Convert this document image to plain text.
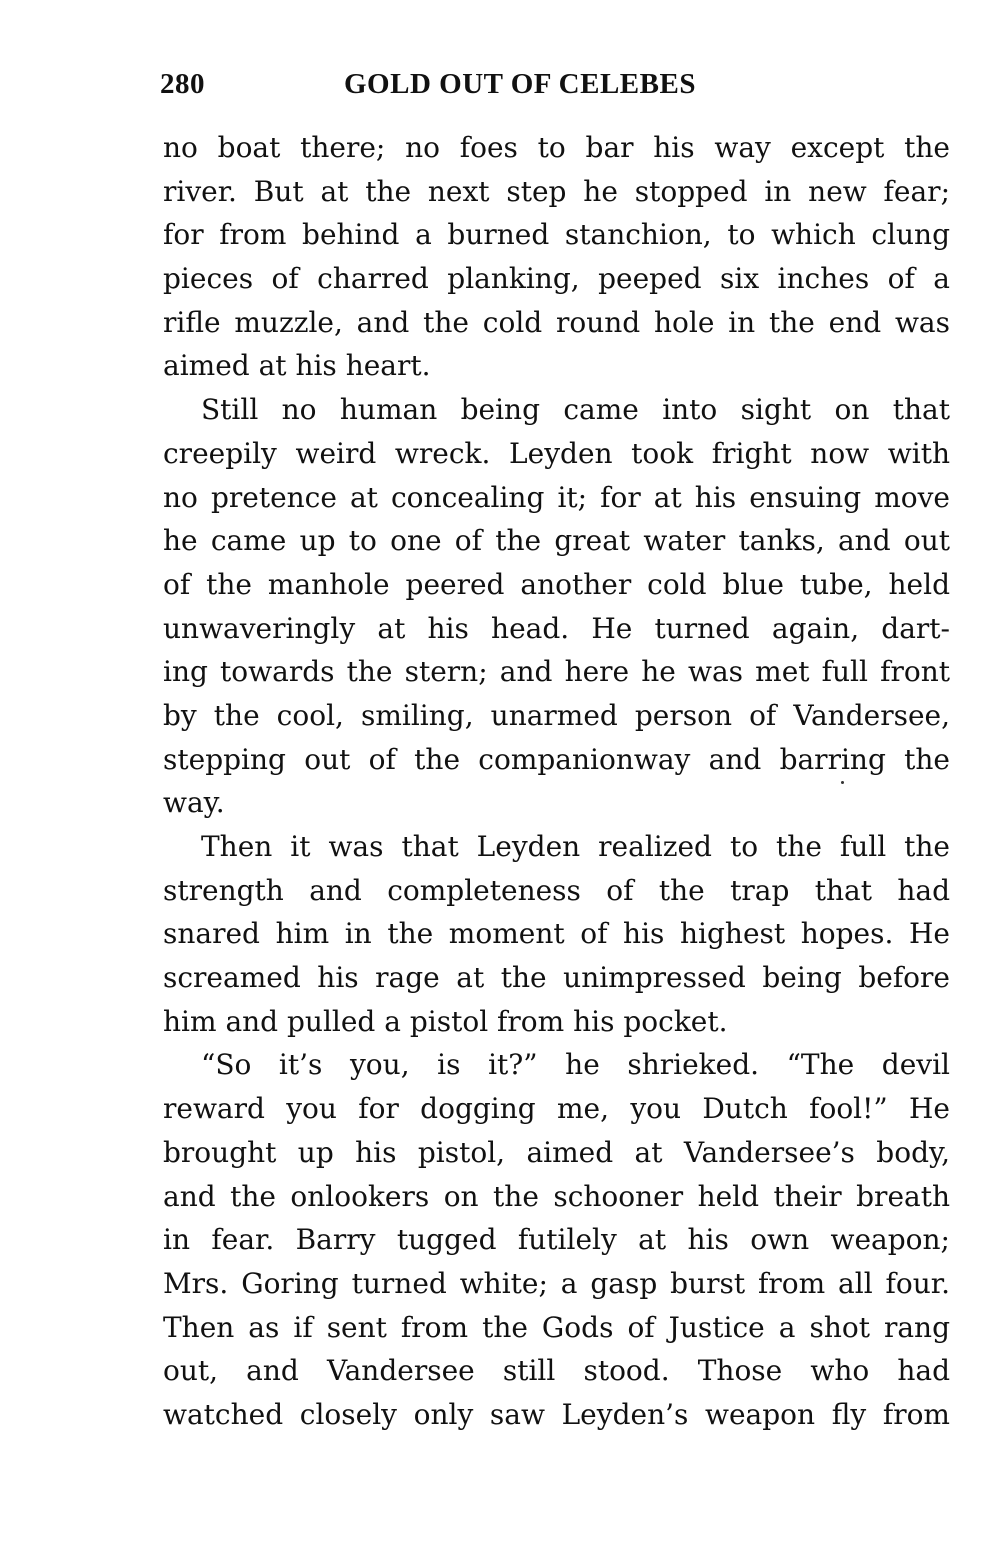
280	GOLD OUT OF CELEBES
no boat there; no foes to bar his way except the
river. But at the next step he stopped in new fear;
for from behind a burned stanchion, to which clung
pieces of charred planking, peeped six inches of a
rifle muzzle, and the cold round hole in the end was
aimed at his heart.
Still no human being came into sight on that
creepily weird wreck. Leyden took fright now with
no pretence at concealing it; for at his ensuing move
he came up to one of the great water tanks, and out
of the manhole peered another cold blue tube, held
unwaveringly at his head. He turned again, dart-
ing towards the stern; and here he was met full front
by the cool, smiling, unarmed person of Vandersee,
stepping out of the companionway and barring the
way.
Then it was that Leyden realized to the full the
strength and completeness of the trap that had
snared him in the moment of his highest hopes. He
screamed his rage at the unimpressed being before
him and pulled a pistol from his pocket.
“So it’s you, is it?” he shrieked. “The devil
reward you for dogging me, you Dutch fool!” He
brought up his pistol, aimed at Vandersee’s body,
and the onlookers on the schooner held their breath
in fear. Barry tugged futilely at his own weapon;
Mrs. Goring turned white; a gasp burst from all four.
Then as if sent from the Gods of Justice a shot rang
out, and Vandersee still stood. Those who had
watched closely only saw Leyden’s weapon fly from
